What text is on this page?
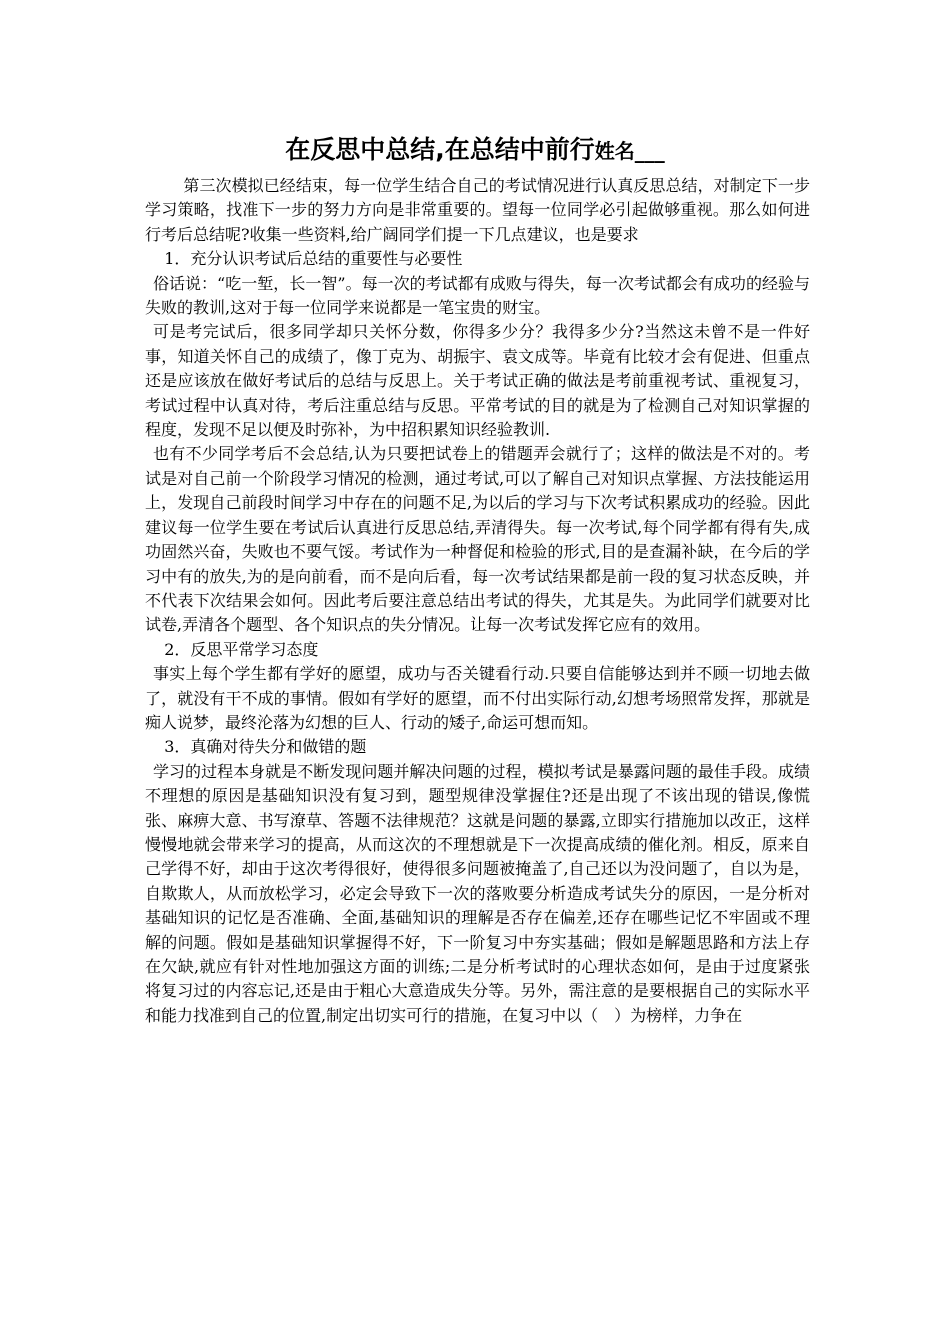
在反思中总结,在总结中前行姓名___

第三次模拟已经结束，每一位学生结合自己的考试情况进行认真反思总结，对制定下一步学习策略，找准下一步的努力方向是非常重要的。望每一位同学必引起做够重视。那么如何进行考后总结呢?收集一些资料,给广阔同学们提一下几点建议，也是要求

1．充分认识考试后总结的重要性与必要性

俗话说：“吃一堑，长一智”。每一次的考试都有成败与得失，每一次考试都会有成功的经验与失败的教训,这对于每一位同学来说都是一笔宝贵的财宝。

可是考完试后，很多同学却只关怀分数，你得多少分？我得多少分?当然这未曾不是一件好事，知道关怀自己的成绩了，像丁克为、胡振宇、袁文成等。毕竟有比较才会有促进、但重点还是应该放在做好考试后的总结与反思上。关于考试正确的做法是考前重视考试、重视复习，考试过程中认真对待，考后注重总结与反思。平常考试的目的就是为了检测自己对知识掌握的程度，发现不足以便及时弥补，为中招积累知识经验教训.

也有不少同学考后不会总结,认为只要把试卷上的错题弄会就行了；这样的做法是不对的。考试是对自己前一个阶段学习情况的检测，通过考试,可以了解自己对知识点掌握、方法技能运用上，发现自己前段时间学习中存在的问题不足,为以后的学习与下次考试积累成功的经验。因此建议每一位学生要在考试后认真进行反思总结,弄清得失。每一次考试,每个同学都有得有失,成功固然兴奋，失败也不要气馁。考试作为一种督促和检验的形式,目的是查漏补缺，在今后的学习中有的放失,为的是向前看，而不是向后看，每一次考试结果都是前一段的复习状态反映，并不代表下次结果会如何。因此考后要注意总结出考试的得失，尤其是失。为此同学们就要对比试卷,弄清各个题型、各个知识点的失分情况。让每一次考试发挥它应有的效用。

2．反思平常学习态度

事实上每个学生都有学好的愿望，成功与否关键看行动.只要自信能够达到并不顾一切地去做了，就没有干不成的事情。假如有学好的愿望，而不付出实际行动,幻想考场照常发挥，那就是痴人说梦，最终沦落为幻想的巨人、行动的矮子,命运可想而知。

3．真确对待失分和做错的题

学习的过程本身就是不断发现问题并解决问题的过程，模拟考试是暴露问题的最佳手段。成绩不理想的原因是基础知识没有复习到，题型规律没掌握住?还是出现了不该出现的错误,像慌张、麻痹大意、书写潦草、答题不法律规范？这就是问题的暴露,立即实行措施加以改正，这样慢慢地就会带来学习的提高，从而这次的不理想就是下一次提高成绩的催化剂。相反，原来自己学得不好，却由于这次考得很好，使得很多问题被掩盖了,自己还以为没问题了，自以为是，自欺欺人，从而放松学习，必定会导致下一次的落败要分析造成考试失分的原因，一是分析对基础知识的记忆是否准确、全面,基础知识的理解是否存在偏差,还存在哪些记忆不牢固或不理解的问题。假如是基础知识掌握得不好，下一阶复习中夯实基础；假如是解题思路和方法上存在欠缺,就应有针对性地加强这方面的训练;二是分析考试时的心理状态如何，是由于过度紧张将复习过的内容忘记,还是由于粗心大意造成失分等。另外，需注意的是要根据自己的实际水平和能力找准到自己的位置,制定出切实可行的措施，在复习中以（　）为榜样，力争在
